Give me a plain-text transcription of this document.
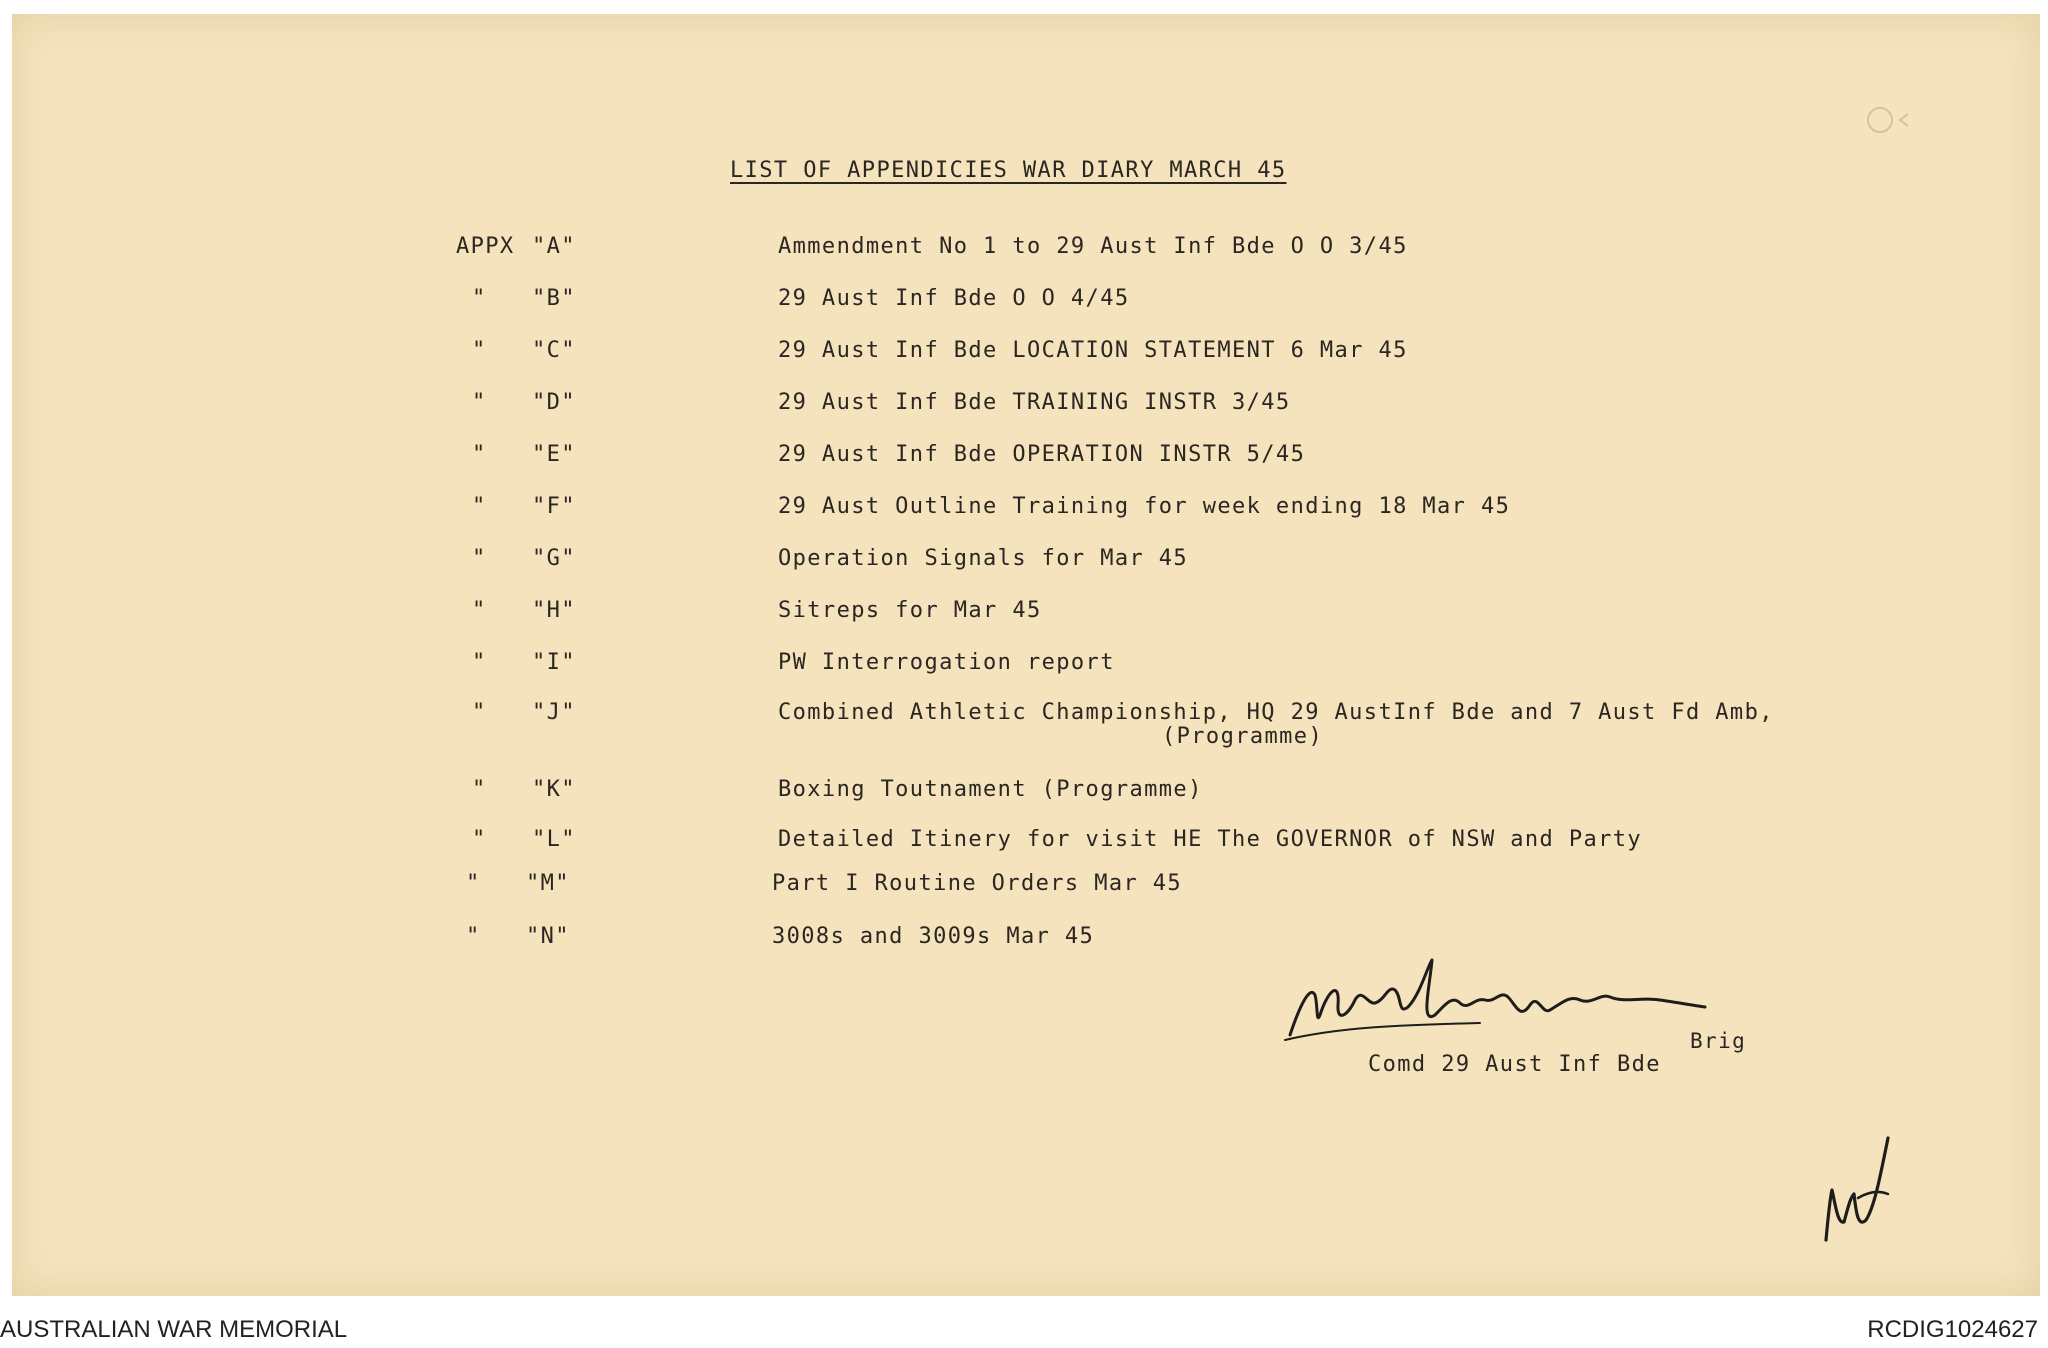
LIST OF APPENDICIES WAR DIARY MARCH 45
APPX "A"	Ammendment No 1 to 29 Aust Inf Bde O O 3/45
" "B"	29 Aust Inf Bde O O 4/45
" "C"	29 Aust Inf Bde LOCATION STATEMENT 6 Mar 45
" "D"	29 Aust Inf Bde TRAINING INSTR 3/45
" "E"	29 Aust Inf Bde OPERATION INSTR 5/45
" "F"	29 Aust Outline Training for week ending 18 Mar 45
" "G"	Operation Signals for Mar 45
" "H"	Sitreps for Mar 45
" "I"	PW Interrogation report
" "J"	Combined Athletic Championship, HQ 29 AustInf Bde and 7 Aust Fd Amb,
(Programme)
" "K"	Boxing Toutnament (Programme)
" "L"	Detailed Itinery for visit HE The GOVERNOR of NSW and Party
" "M"	Part I Routine Orders Mar 45
" "N"	3008s and 3009s Mar 45
Brig
Comd 29 Aust Inf Bde
AUSTRALIAN WAR MEMORIAL	RCDIG1024627
